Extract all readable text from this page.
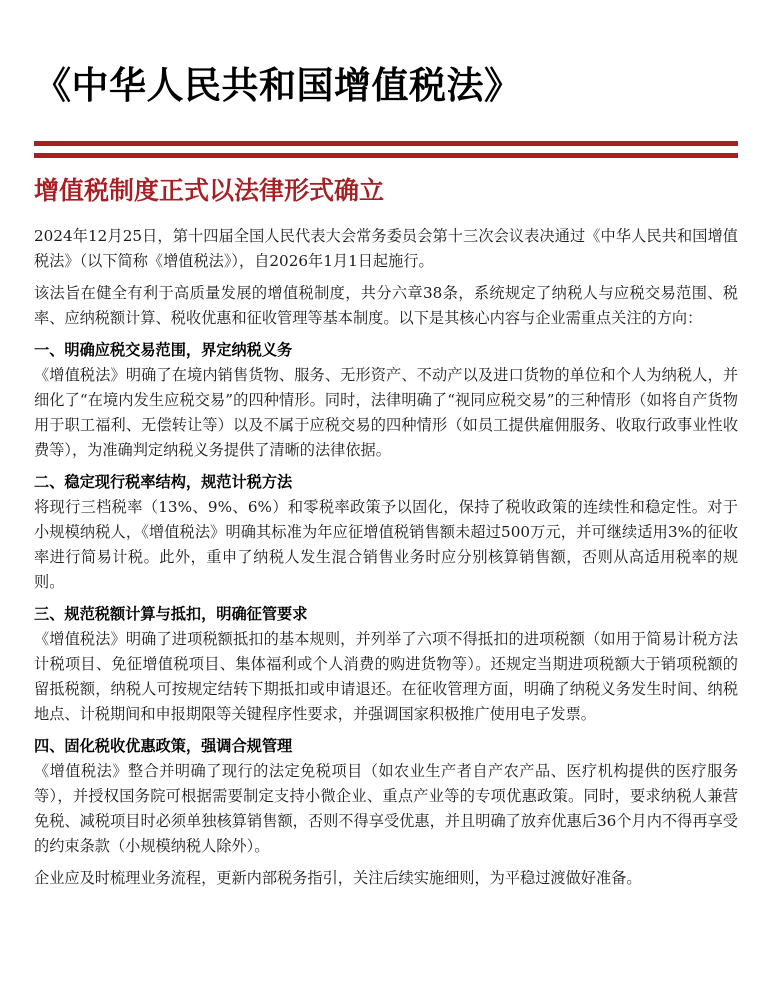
《中华人民共和国增值税法》
增值税制度正式以法律形式确立

2024年12月25日，第十四届全国人民代表大会常务委员会第十三次会议表决通过《中华人民共和国增值税法》（以下简称《增值税法》），自2026年1月1日起施行。

该法旨在健全有利于高质量发展的增值税制度，共分六章38条，系统规定了纳税人与应税交易范围、税率、应纳税额计算、税收优惠和征收管理等基本制度。以下是其核心内容与企业需重点关注的方向：

一、明确应税交易范围，界定纳税义务

《增值税法》明确了在境内销售货物、服务、无形资产、不动产以及进口货物的单位和个人为纳税人，并细化了“在境内发生应税交易”的四种情形。同时，法律明确了“视同应税交易”的三种情形（如将自产货物用于职工福利、无偿转让等）以及不属于应税交易的四种情形（如员工提供雇佣服务、收取行政事业性收费等），为准确判定纳税义务提供了清晰的法律依据。

二、稳定现行税率结构，规范计税方法

将现行三档税率（13%、9%、6%）和零税率政策予以固化，保持了税收政策的连续性和稳定性。对于小规模纳税人，《增值税法》明确其标准为年应征增值税销售额未超过500万元，并可继续适用3%的征收率进行简易计税。此外，重申了纳税人发生混合销售业务时应分别核算销售额，否则从高适用税率的规则。

三、规范税额计算与抵扣，明确征管要求

《增值税法》明确了进项税额抵扣的基本规则，并列举了六项不得抵扣的进项税额（如用于简易计税方法计税项目、免征增值税项目、集体福利或个人消费的购进货物等）。还规定当期进项税额大于销项税额的留抵税额，纳税人可按规定结转下期抵扣或申请退还。在征收管理方面，明确了纳税义务发生时间、纳税地点、计税期间和申报期限等关键程序性要求，并强调国家积极推广使用电子发票。

四、固化税收优惠政策，强调合规管理

《增值税法》整合并明确了现行的法定免税项目（如农业生产者自产农产品、医疗机构提供的医疗服务等），并授权国务院可根据需要制定支持小微企业、重点产业等的专项优惠政策。同时，要求纳税人兼营免税、减税项目时必须单独核算销售额，否则不得享受优惠，并且明确了放弃优惠后36个月内不得再享受的约束条款（小规模纳税人除外）。

企业应及时梳理业务流程，更新内部税务指引，关注后续实施细则，为平稳过渡做好准备。
